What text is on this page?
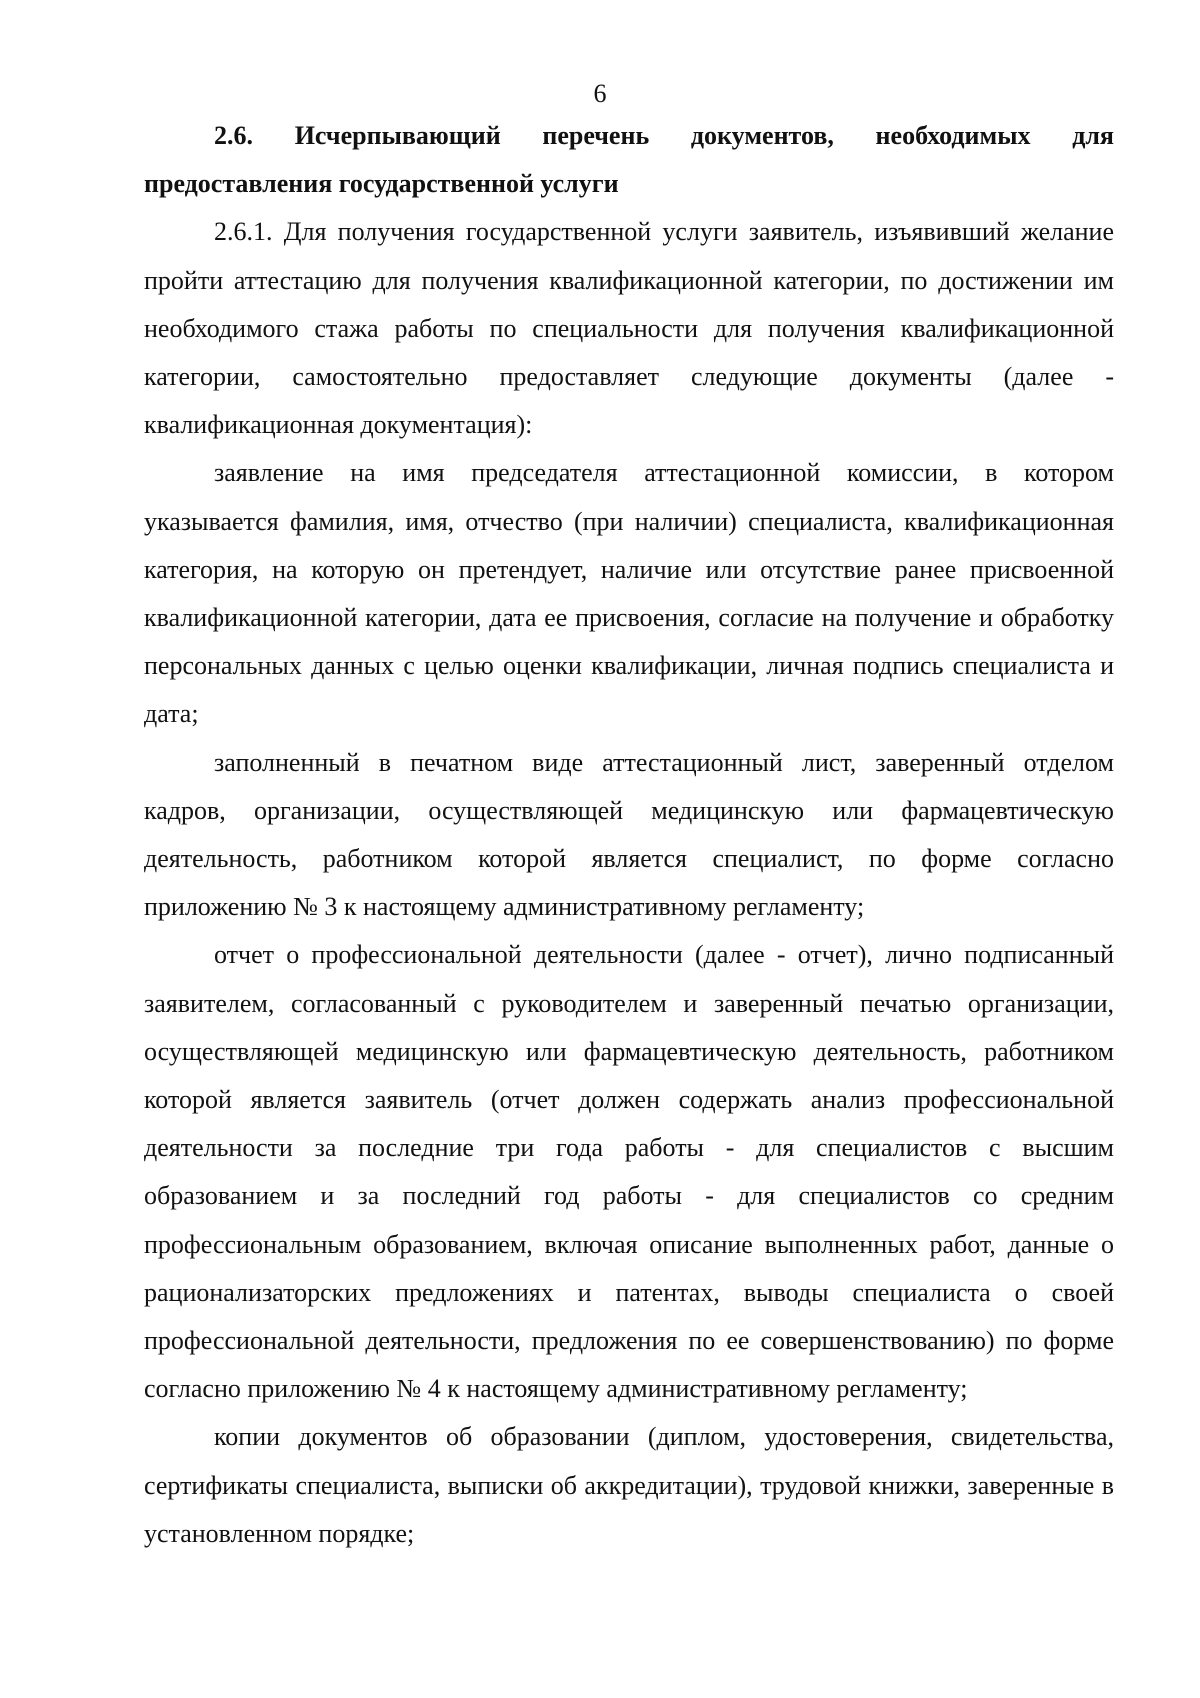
6
2.6. Исчерпывающий перечень документов, необходимых для предоставления государственной услуги

2.6.1. Для получения государственной услуги заявитель, изъявивший желание пройти аттестацию для получения квалификационной категории, по достижении им необходимого стажа работы по специальности для получения квалификационной категории, самостоятельно предоставляет следующие документы (далее - квалификационная документация):

заявление на имя председателя аттестационной комиссии, в котором указывается фамилия, имя, отчество (при наличии) специалиста, квалификационная категория, на которую он претендует, наличие или отсутствие ранее присвоенной квалификационной категории, дата ее присвоения, согласие на получение и обработку персональных данных с целью оценки квалификации, личная подпись специалиста и дата;

заполненный в печатном виде аттестационный лист, заверенный отделом кадров, организации, осуществляющей медицинскую или фармацевтическую деятельность, работником которой является специалист, по форме согласно приложению № 3 к настоящему административному регламенту;

отчет о профессиональной деятельности (далее - отчет), лично подписанный заявителем, согласованный с руководителем и заверенный печатью организации, осуществляющей медицинскую или фармацевтическую деятельность, работником которой является заявитель (отчет должен содержать анализ профессиональной деятельности за последние три года работы - для специалистов с высшим образованием и за последний год работы - для специалистов со средним профессиональным образованием, включая описание выполненных работ, данные о рационализаторских предложениях и патентах, выводы специалиста о своей профессиональной деятельности, предложения по ее совершенствованию) по форме согласно приложению № 4 к настоящему административному регламенту;

копии документов об образовании (диплом, удостоверения, свидетельства, сертификаты специалиста, выписки об аккредитации), трудовой книжки, заверенные в установленном порядке;
